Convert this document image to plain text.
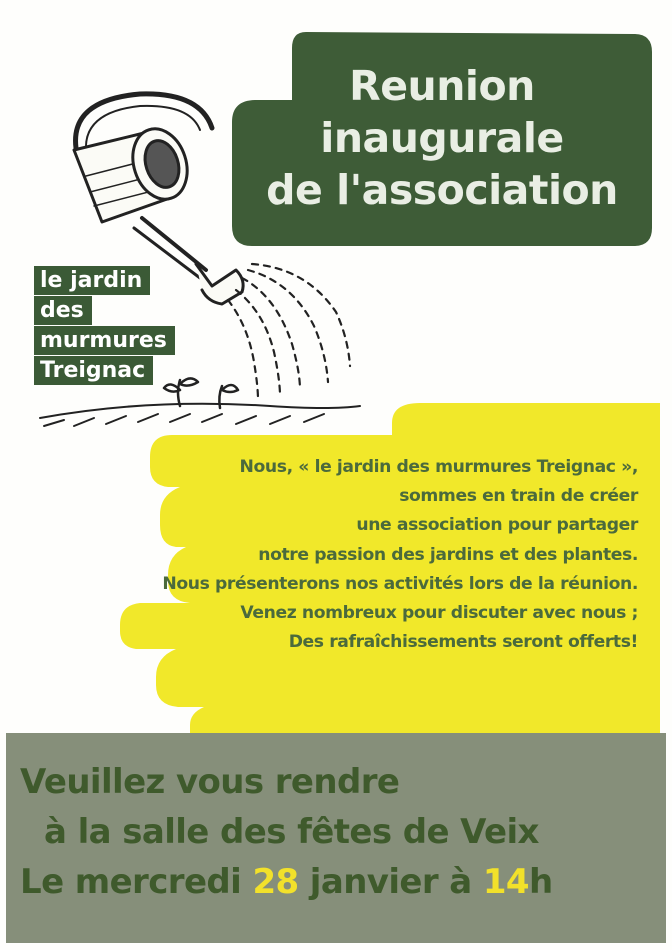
Reunion
inaugurale
de l'association
le jardin
des
murmures
Treignac
Nous, « le jardin des murmures Treignac »,
sommes en train de créer
une association pour partager
notre passion des jardins et des plantes.
Nous présenterons nos activités lors de la réunion.
Venez nombreux pour discuter avec nous ;
Des rafraîchissements seront offerts!
Veuillez vous rendre
à la salle des fêtes de Veix
Le mercredi 28 janvier à 14h
